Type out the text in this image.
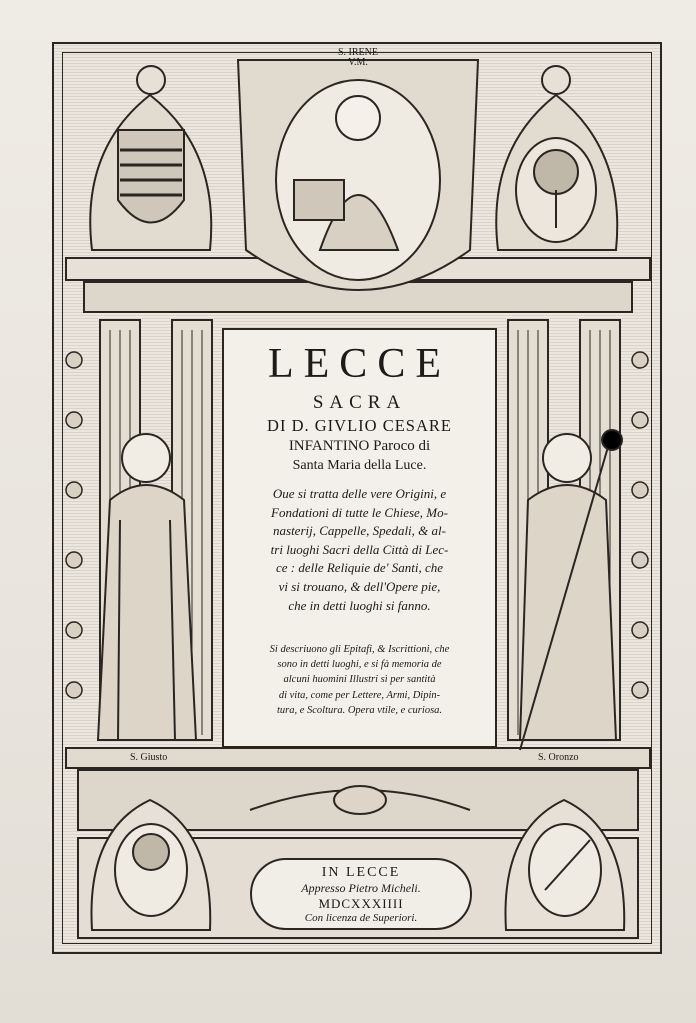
S. IRENE
V.M.
LECCE
SACRA
DI D. GIVLIO CESARE
INFANTINO Paroco di
Santa Maria della Luce.
Oue si tratta delle vere Origini, e
Fondationi di tutte le Chiese, Mo-
nasterij, Cappelle, Spedali, & al-
tri luoghi Sacri della Città di Lec-
ce : delle Reliquie de' Santi, che
vi si trouano, & dell'Opere pie,
che in detti luoghi si fanno.
Si descriuono gli Epitafi, & Iscrittioni, che
sono in detti luoghi, e si fà memoria de
alcuni huomini Illustri sì per santità
di vita, come per Lettere, Armi, Dipin-
tura, e Scoltura. Opera vtile, e curiosa.
S. Giusto	S. Oronzo
IN LECCE
Appresso Pietro Micheli.
MDCXXXIIII
Con licenza de Superiori.
